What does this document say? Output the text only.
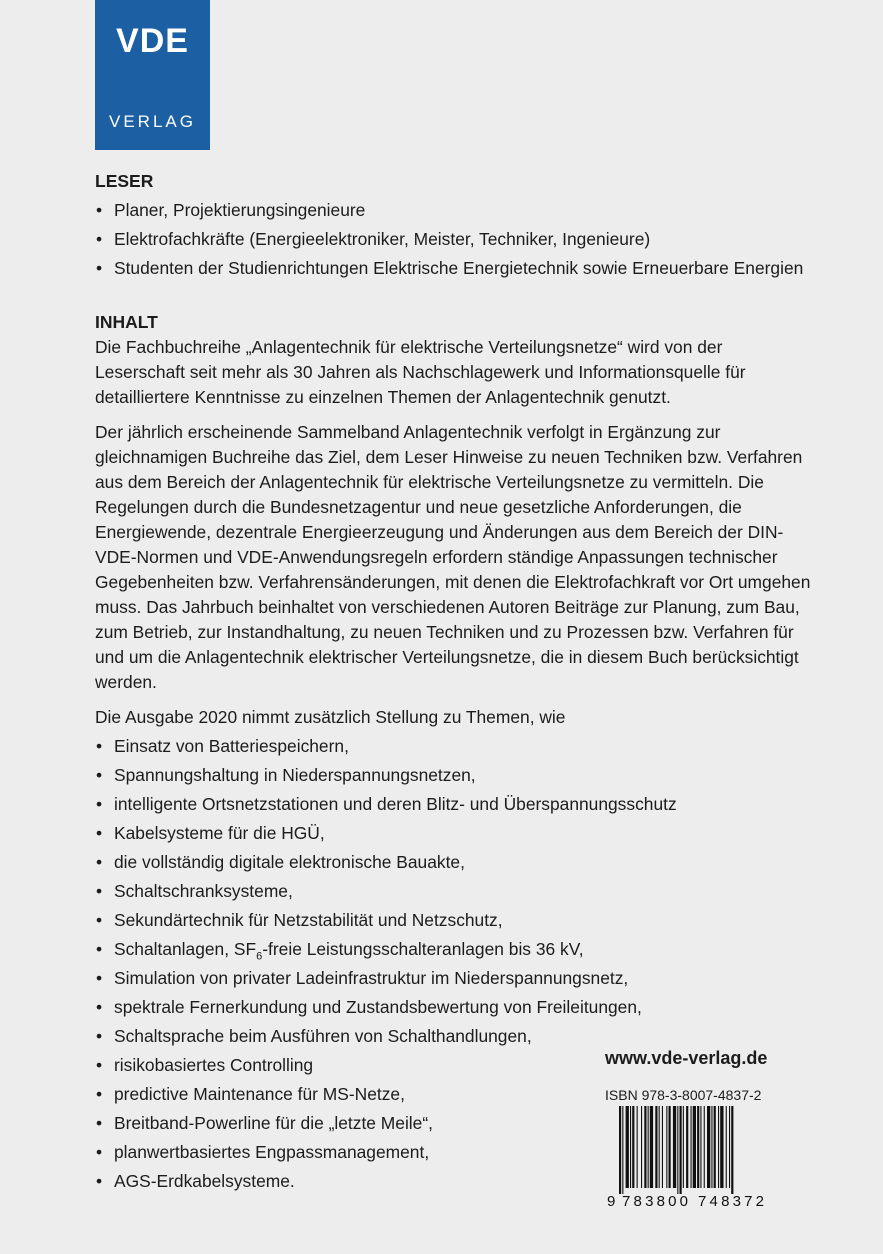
VDE
VERLAG
LESER
• Planer, Projektierungsingenieure
• Elektrofachkräfte (Energieelektroniker, Meister, Techniker, Ingenieure)
• Studenten der Studienrichtungen Elektrische Energietechnik sowie Erneuerbare Energien
INHALT

Die Fachbuchreihe „Anlagentechnik für elektrische Verteilungsnetze“ wird von der Leserschaft seit mehr als 30 Jahren als Nachschlagewerk und Informationsquelle für detailliertere Kenntnisse zu einzelnen Themen der Anlagentechnik genutzt.

Der jährlich erscheinende Sammelband Anlagentechnik verfolgt in Ergänzung zur gleichnamigen Buchreihe das Ziel, dem Leser Hinweise zu neuen Techniken bzw. Verfahren aus dem Bereich der Anlagentechnik für elektrische Verteilungsnetze zu vermitteln. Die Regelungen durch die Bundesnetzagentur und neue gesetzliche Anforderungen, die Energiewende, dezentrale Energieerzeugung und Änderungen aus dem Bereich der DIN-VDE-Normen und VDE-Anwendungsregeln erfordern ständige Anpassungen technischer Gegebenheiten bzw. Verfahrensänderungen, mit denen die Elektrofachkraft vor Ort umgehen muss. Das Jahrbuch beinhaltet von verschiedenen Autoren Beiträge zur Planung, zum Bau, zum Betrieb, zur Instandhaltung, zu neuen Techniken und zu Prozessen bzw. Verfahren für und um die Anlagentechnik elektrischer Verteilungsnetze, die in diesem Buch berücksichtigt werden.

Die Ausgabe 2020 nimmt zusätzlich Stellung zu Themen, wie

• Einsatz von Batteriespeichern,
• Spannungshaltung in Niederspannungsnetzen,
• intelligente Ortsnetzstationen und deren Blitz- und Überspannungsschutz
• Kabelsysteme für die HGÜ,
• die vollständig digitale elektronische Bauakte,
• Schaltschranksysteme,
• Sekundärtechnik für Netzstabilität und Netzschutz,
• Schaltanlagen, $SF_6$-freie Leistungsschalteranlagen bis 36 kV,
• Simulation von privater Ladeinfrastruktur im Niederspannungsnetz,
• spektrale Fernerkundung und Zustandsbewertung von Freileitungen,
• Schaltsprache beim Ausführen von Schalthandlungen,
• risikobasiertes Controlling
• predictive Maintenance für MS-Netze,
• Breitband-Powerline für die „letzte Meile“,
• planwertbasiertes Engpassmanagement,
• AGS-Erdkabelsysteme.
www.vde-verlag.de
ISBN 978-3-8007-4837-2
9 783800 748372
